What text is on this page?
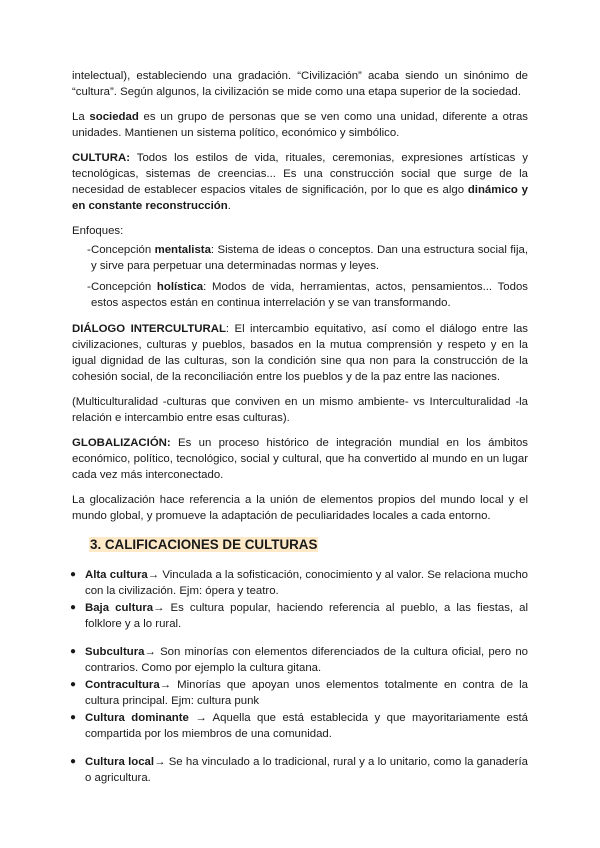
intelectual), estableciendo una gradación. “Civilización” acaba siendo un sinónimo de “cultura”. Según algunos, la civilización se mide como una etapa superior de la sociedad.

La sociedad es un grupo de personas que se ven como una unidad, diferente a otras unidades. Mantienen un sistema político, económico y simbólico.

CULTURA: Todos los estilos de vida, rituales, ceremonias, expresiones artísticas y tecnológicas, sistemas de creencias... Es una construcción social que surge de la necesidad de establecer espacios vitales de significación, por lo que es algo dinámico y en constante reconstrucción.

Enfoques:

- Concepción mentalista: Sistema de ideas o conceptos. Dan una estructura social fija, y sirve para perpetuar una determinadas normas y leyes.
- Concepción holística: Modos de vida, herramientas, actos, pensamientos... Todos estos aspectos están en continua interrelación y se van transformando.

DIÁLOGO INTERCULTURAL: El intercambio equitativo, así como el diálogo entre las civilizaciones, culturas y pueblos, basados en la mutua comprensión y respeto y en la igual dignidad de las culturas, son la condición sine qua non para la construcción de la cohesión social, de la reconciliación entre los pueblos y de la paz entre las naciones.

(Multiculturalidad -culturas que conviven en un mismo ambiente- vs Interculturalidad -la relación e intercambio entre esas culturas).

GLOBALIZACIÓN: Es un proceso histórico de integración mundial en los ámbitos económico, político, tecnológico, social y cultural, que ha convertido al mundo en un lugar cada vez más interconectado.

La glocalización hace referencia a la unión de elementos propios del mundo local y el mundo global, y promueve la adaptación de peculiaridades locales a cada entorno.

3. CALIFICACIONES DE CULTURAS
● Alta cultura→ Vinculada a la sofisticación, conocimiento y al valor. Se relaciona mucho con la civilización. Ejm: ópera y teatro.
● Baja cultura→ Es cultura popular, haciendo referencia al pueblo, a las fiestas, al folklore y a lo rural.
● Subcultura→ Son minorías con elementos diferenciados de la cultura oficial, pero no contrarios. Como por ejemplo la cultura gitana.
● Contracultura→ Minorías que apoyan unos elementos totalmente en contra de la cultura principal. Ejm: cultura punk
● Cultura dominante → Aquella que está establecida y que mayoritariamente está compartida por los miembros de una comunidad.
● Cultura local→ Se ha vinculado a lo tradicional, rural y a lo unitario, como la ganadería o agricultura.
